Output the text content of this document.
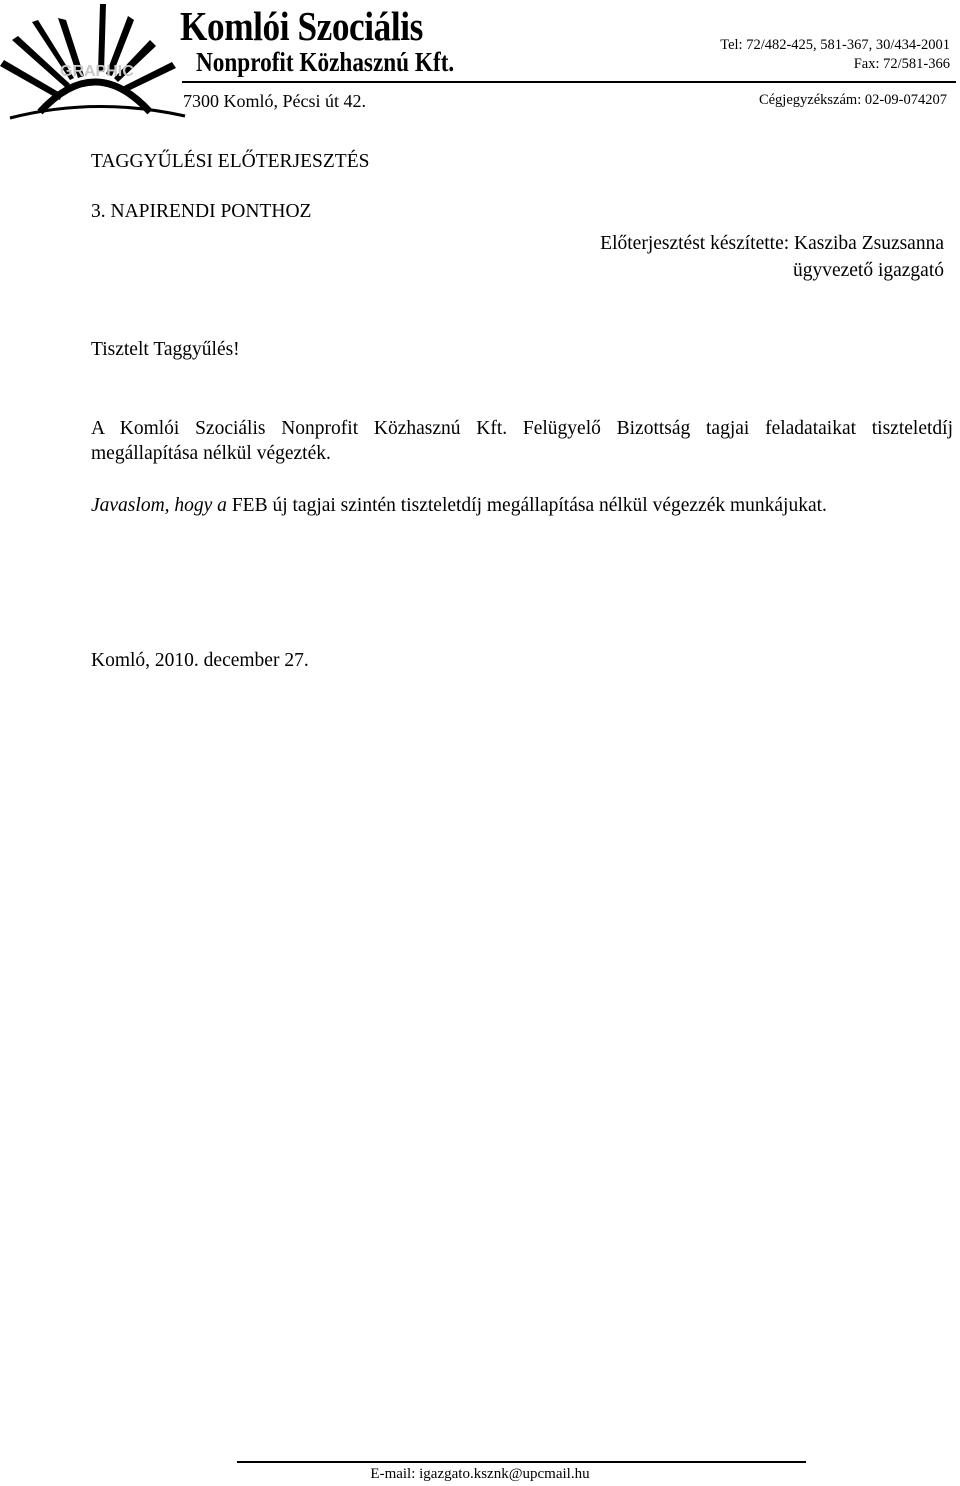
GRAPHIC
Komlói Szociális
Nonprofit Közhasznú Kft.
7300 Komló, Pécsi út 42.
Tel: 72/482-425, 581-367, 30/434-2001
Fax: 72/581-366
Cégjegyzékszám: 02-09-074207
TAGGYŰLÉSI ELŐTERJESZTÉS
3. NAPIRENDI PONTHOZ
Előterjesztést készítette: Kasziba Zsuzsanna
ügyvezető igazgató
Tisztelt Taggyűlés!
A Komlói Szociális Nonprofit Közhasznú Kft. Felügyelő Bizottság tagjai feladataikat tiszteletdíj megállapítása nélkül végezték.
Javaslom, hogy a FEB új tagjai szintén tiszteletdíj megállapítása nélkül végezzék munkájukat.
Komló, 2010. december 27.
E-mail: igazgato.ksznk@upcmail.hu
